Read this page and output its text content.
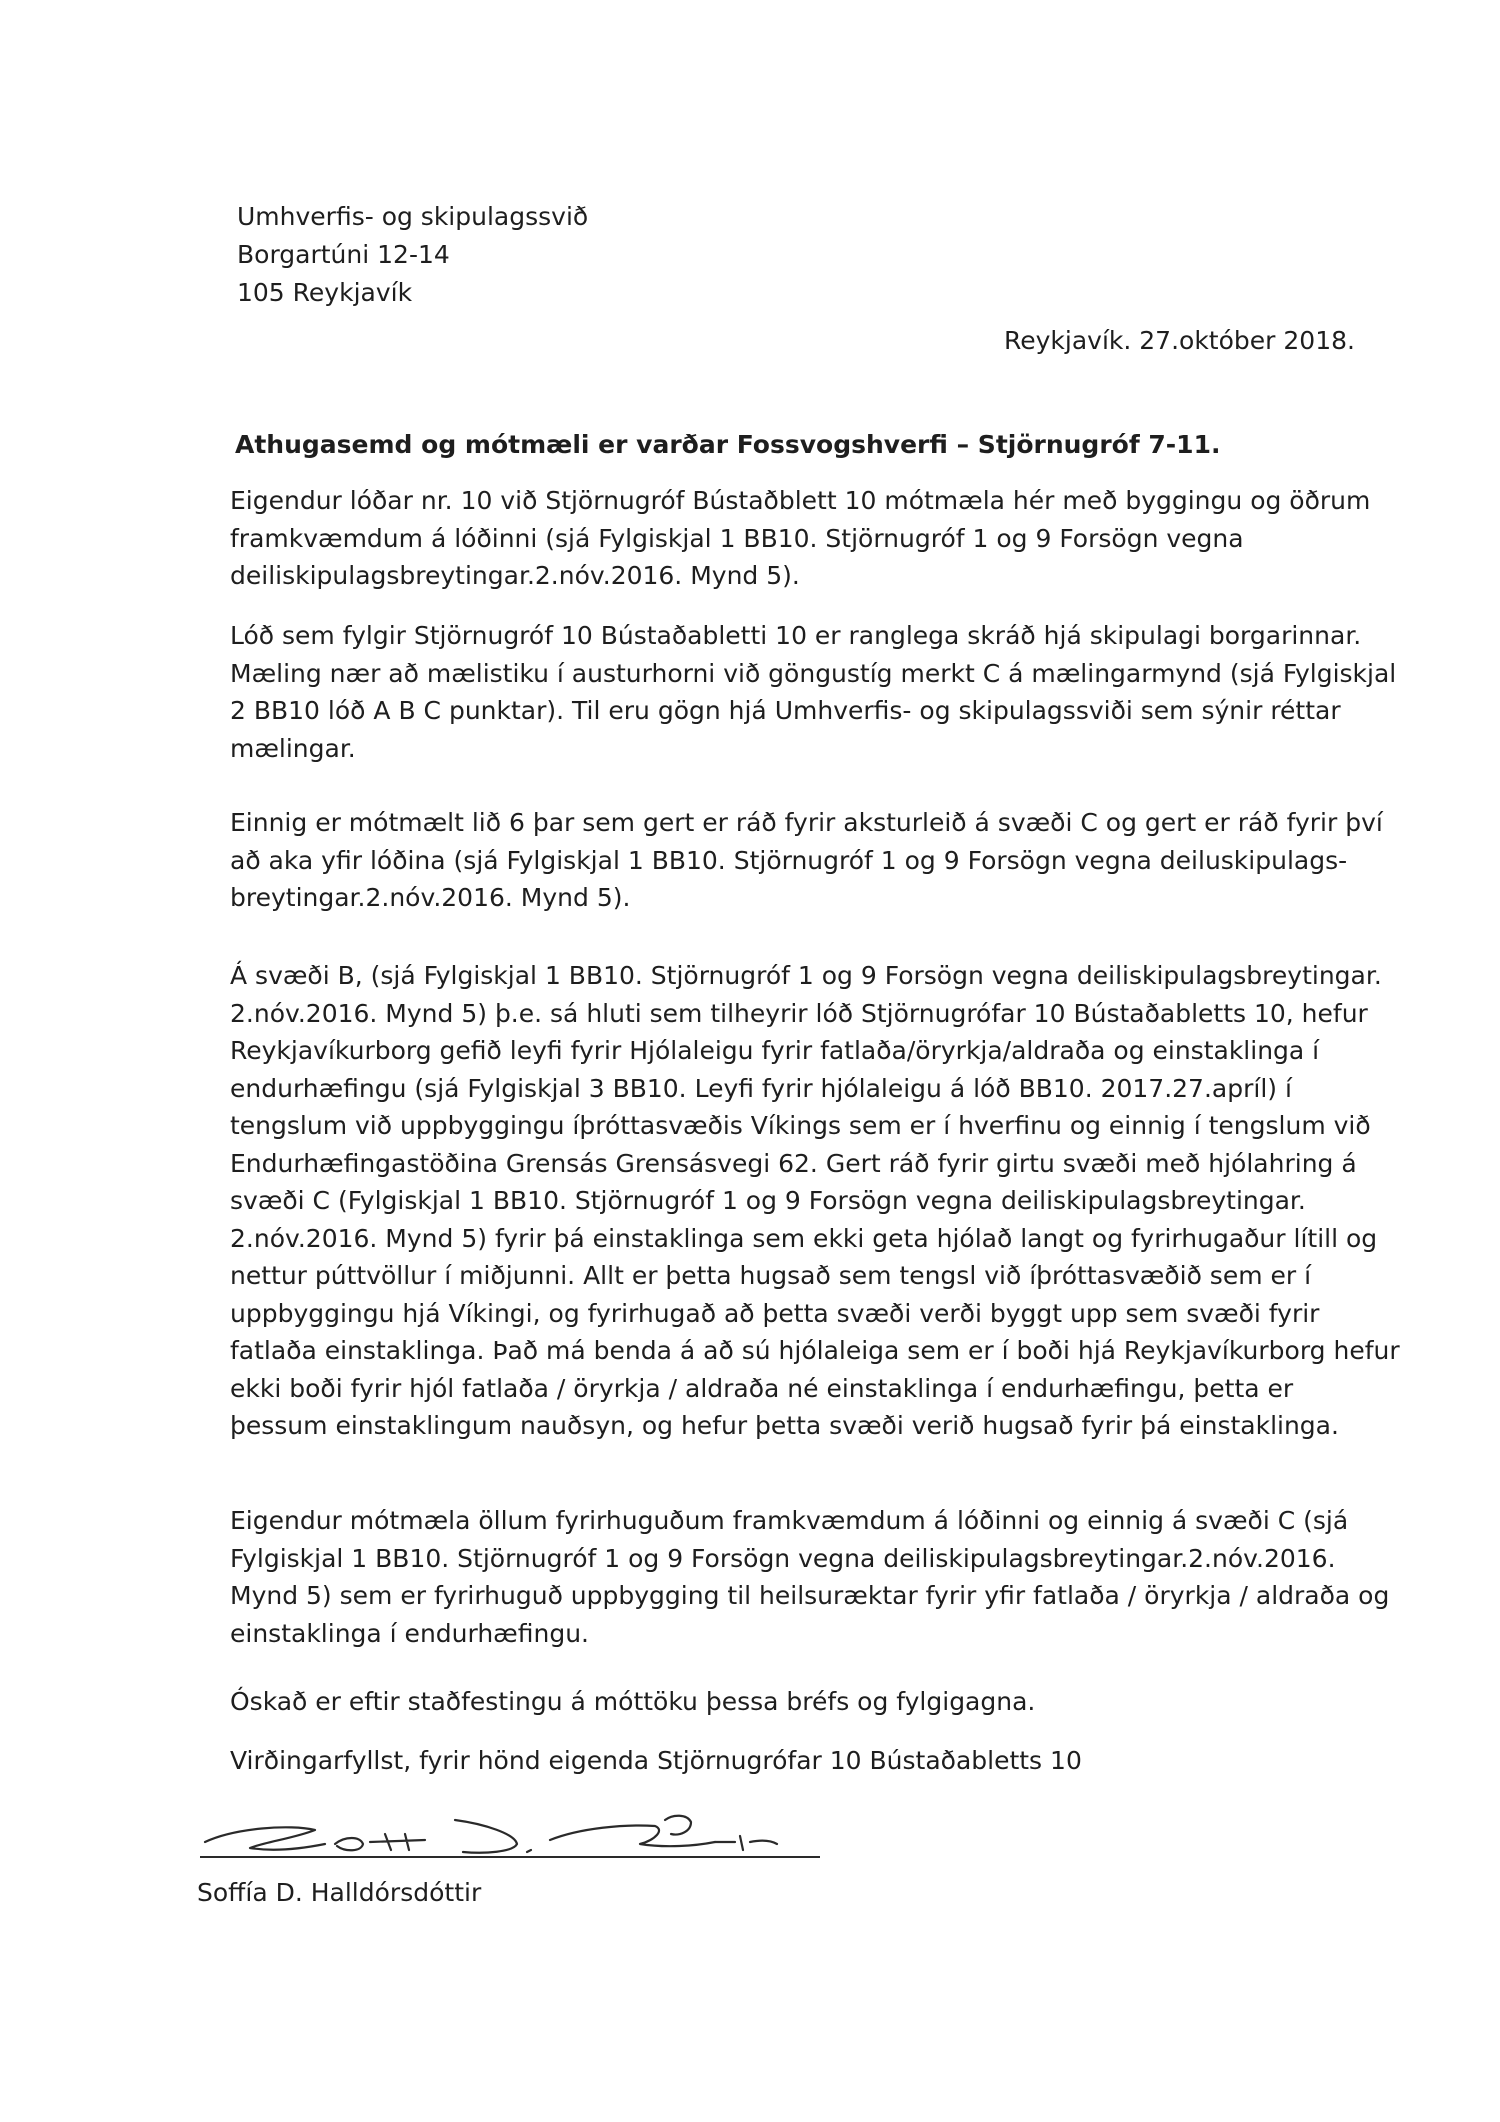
Umhverfis- og skipulagssvið
Borgartúni 12-14
105 Reykjavík
Reykjavík. 27.október 2018.
Athugasemd og mótmæli er varðar Fossvogshverfi – Stjörnugróf 7-11.
Eigendur lóðar nr. 10 við Stjörnugróf Bústaðblett 10 mótmæla hér með byggingu og öðrum
framkvæmdum á lóðinni (sjá Fylgiskjal 1 BB10. Stjörnugróf 1 og 9 Forsögn vegna
deiliskipulagsbreytingar.2.nóv.2016. Mynd 5).
Lóð sem fylgir Stjörnugróf 10 Bústaðabletti 10 er ranglega skráð hjá skipulagi borgarinnar.
Mæling nær að mælistiku í austurhorni við göngustíg merkt C á mælingarmynd (sjá Fylgiskjal
2 BB10 lóð A B C punktar). Til eru gögn hjá Umhverfis- og skipulagssviði sem sýnir réttar
mælingar.
Einnig er mótmælt lið 6 þar sem gert er ráð fyrir aksturleið á svæði C og gert er ráð fyrir því
að aka yfir lóðina (sjá Fylgiskjal 1 BB10. Stjörnugróf 1 og 9 Forsögn vegna deiluskipulags-
breytingar.2.nóv.2016. Mynd 5).
Á svæði B, (sjá Fylgiskjal 1 BB10. Stjörnugróf 1 og 9 Forsögn vegna deiliskipulagsbreytingar.
2.nóv.2016. Mynd 5) þ.e. sá hluti sem tilheyrir lóð Stjörnugrófar 10 Bústaðabletts 10, hefur
Reykjavíkurborg gefið leyfi fyrir Hjólaleigu fyrir fatlaða/öryrkja/aldraða og einstaklinga í
endurhæfingu (sjá Fylgiskjal 3 BB10. Leyfi fyrir hjólaleigu á lóð BB10. 2017.27.apríl) í
tengslum við uppbyggingu íþróttasvæðis Víkings sem er í hverfinu og einnig í tengslum við
Endurhæfingastöðina Grensás Grensásvegi 62. Gert ráð fyrir girtu svæði með hjólahring á
svæði C (Fylgiskjal 1 BB10. Stjörnugróf 1 og 9 Forsögn vegna deiliskipulagsbreytingar.
2.nóv.2016. Mynd 5) fyrir þá einstaklinga sem ekki geta hjólað langt og fyrirhugaður lítill og
nettur púttvöllur í miðjunni. Allt er þetta hugsað sem tengsl við íþróttasvæðið sem er í
uppbyggingu hjá Víkingi, og fyrirhugað að þetta svæði verði byggt upp sem svæði fyrir
fatlaða einstaklinga. Það má benda á að sú hjólaleiga sem er í boði hjá Reykjavíkurborg hefur
ekki boði fyrir hjól fatlaða / öryrkja / aldraða né einstaklinga í endurhæfingu, þetta er
þessum einstaklingum nauðsyn, og hefur þetta svæði verið hugsað fyrir þá einstaklinga.
Eigendur mótmæla öllum fyrirhuguðum framkvæmdum á lóðinni og einnig á svæði C (sjá
Fylgiskjal 1 BB10. Stjörnugróf 1 og 9 Forsögn vegna deiliskipulagsbreytingar.2.nóv.2016.
Mynd 5) sem er fyrirhuguð uppbygging til heilsuræktar fyrir yfir fatlaða / öryrkja / aldraða og
einstaklinga í endurhæfingu.
Óskað er eftir staðfestingu á móttöku þessa bréfs og fylgigagna.
Virðingarfyllst, fyrir hönd eigenda Stjörnugrófar 10 Bústaðabletts 10
Soffía D. Halldórsdóttir
